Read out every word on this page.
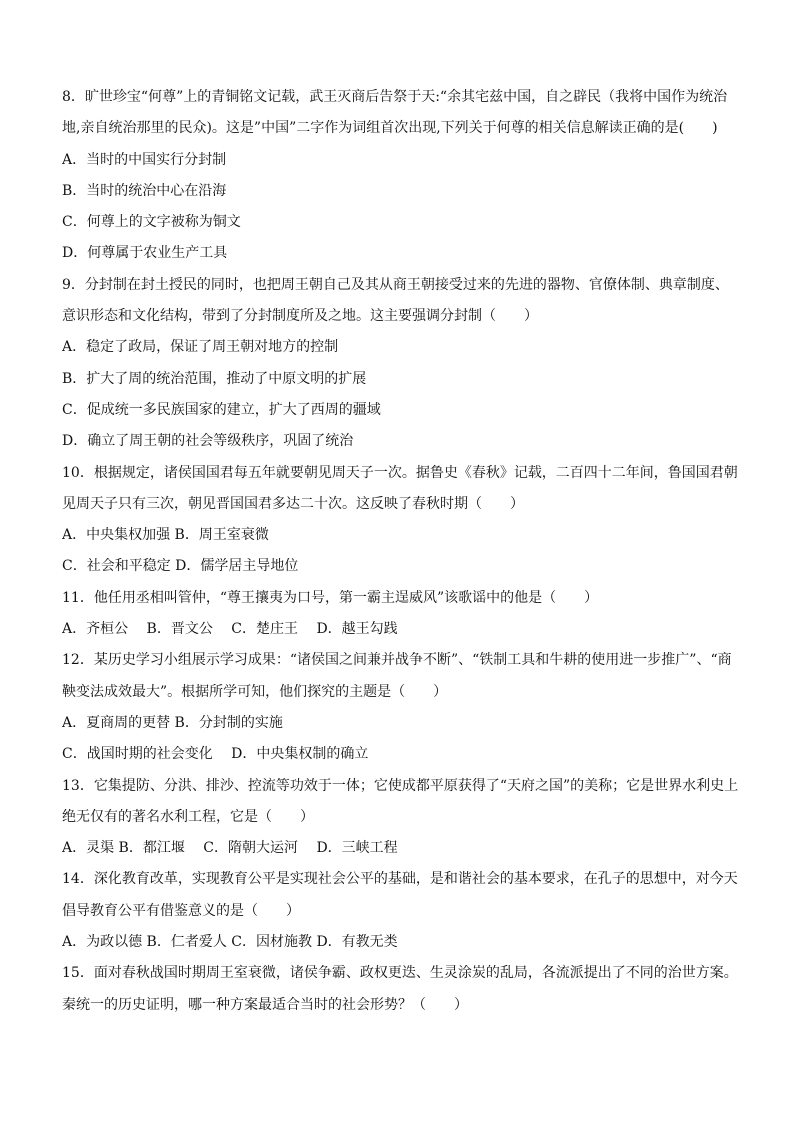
8．旷世珍宝“何尊”上的青铜铭文记载，武王灭商后告祭于天:“余其宅兹中国，自之辟民（我将中国作为统治
地,亲自统治那里的民众)。这是”中国”二字作为词组首次出现,下列关于何尊的相关信息解读正确的是(　　)
A．当时的中国实行分封制
B．当时的统治中心在沿海
C．何尊上的文字被称为铜文
D．何尊属于农业生产工具
9．分封制在封土授民的同时，也把周王朝自己及其从商王朝接受过来的先进的器物、官僚体制、典章制度、
意识形态和文化结构，带到了分封制度所及之地。这主要强调分封制（　　）
A．稳定了政局，保证了周王朝对地方的控制
B．扩大了周的统治范围，推动了中原文明的扩展
C．促成统一多民族国家的建立，扩大了西周的疆域
D．确立了周王朝的社会等级秩序，巩固了统治
10．根据规定，诸侯国国君每五年就要朝见周天子一次。据鲁史《春秋》记载，二百四十二年间，鲁国国君朝
见周天子只有三次，朝见晋国国君多达二十次。这反映了春秋时期（　　）
A．中央集权加强 B．周王室衰微
C．社会和平稳定 D．儒学居主导地位
11．他任用丞相叫管仲，“尊王攘夷为口号，第一霸主逞威风”该歌谣中的他是（　　）
A．齐桓公　 B．晋文公　 C．楚庄王　 D．越王勾践
12．某历史学习小组展示学习成果：“诸侯国之间兼并战争不断”、“铁制工具和牛耕的使用进一步推广”、“商
鞅变法成效最大”。根据所学可知，他们探究的主题是（　　）
A．夏商周的更替 B．分封制的实施
C．战国时期的社会变化　 D．中央集权制的确立
13．它集提防、分洪、排沙、控流等功效于一体；它使成都平原获得了“天府之国”的美称；它是世界水利史上
绝无仅有的著名水利工程，它是（　　）
A．灵渠 B．都江堰　 C．隋朝大运河　 D．三峡工程
14．深化教育改革，实现教育公平是实现社会公平的基础，是和谐社会的基本要求，在孔子的思想中，对今天
倡导教育公平有借鉴意义的是（　　）
A．为政以德 B．仁者爱人 C．因材施教 D．有教无类
15．面对春秋战国时期周王室衰微，诸侯争霸、政权更迭、生灵涂炭的乱局，各流派提出了不同的治世方案。
秦统一的历史证明，哪一种方案最适合当时的社会形势？（　　）
